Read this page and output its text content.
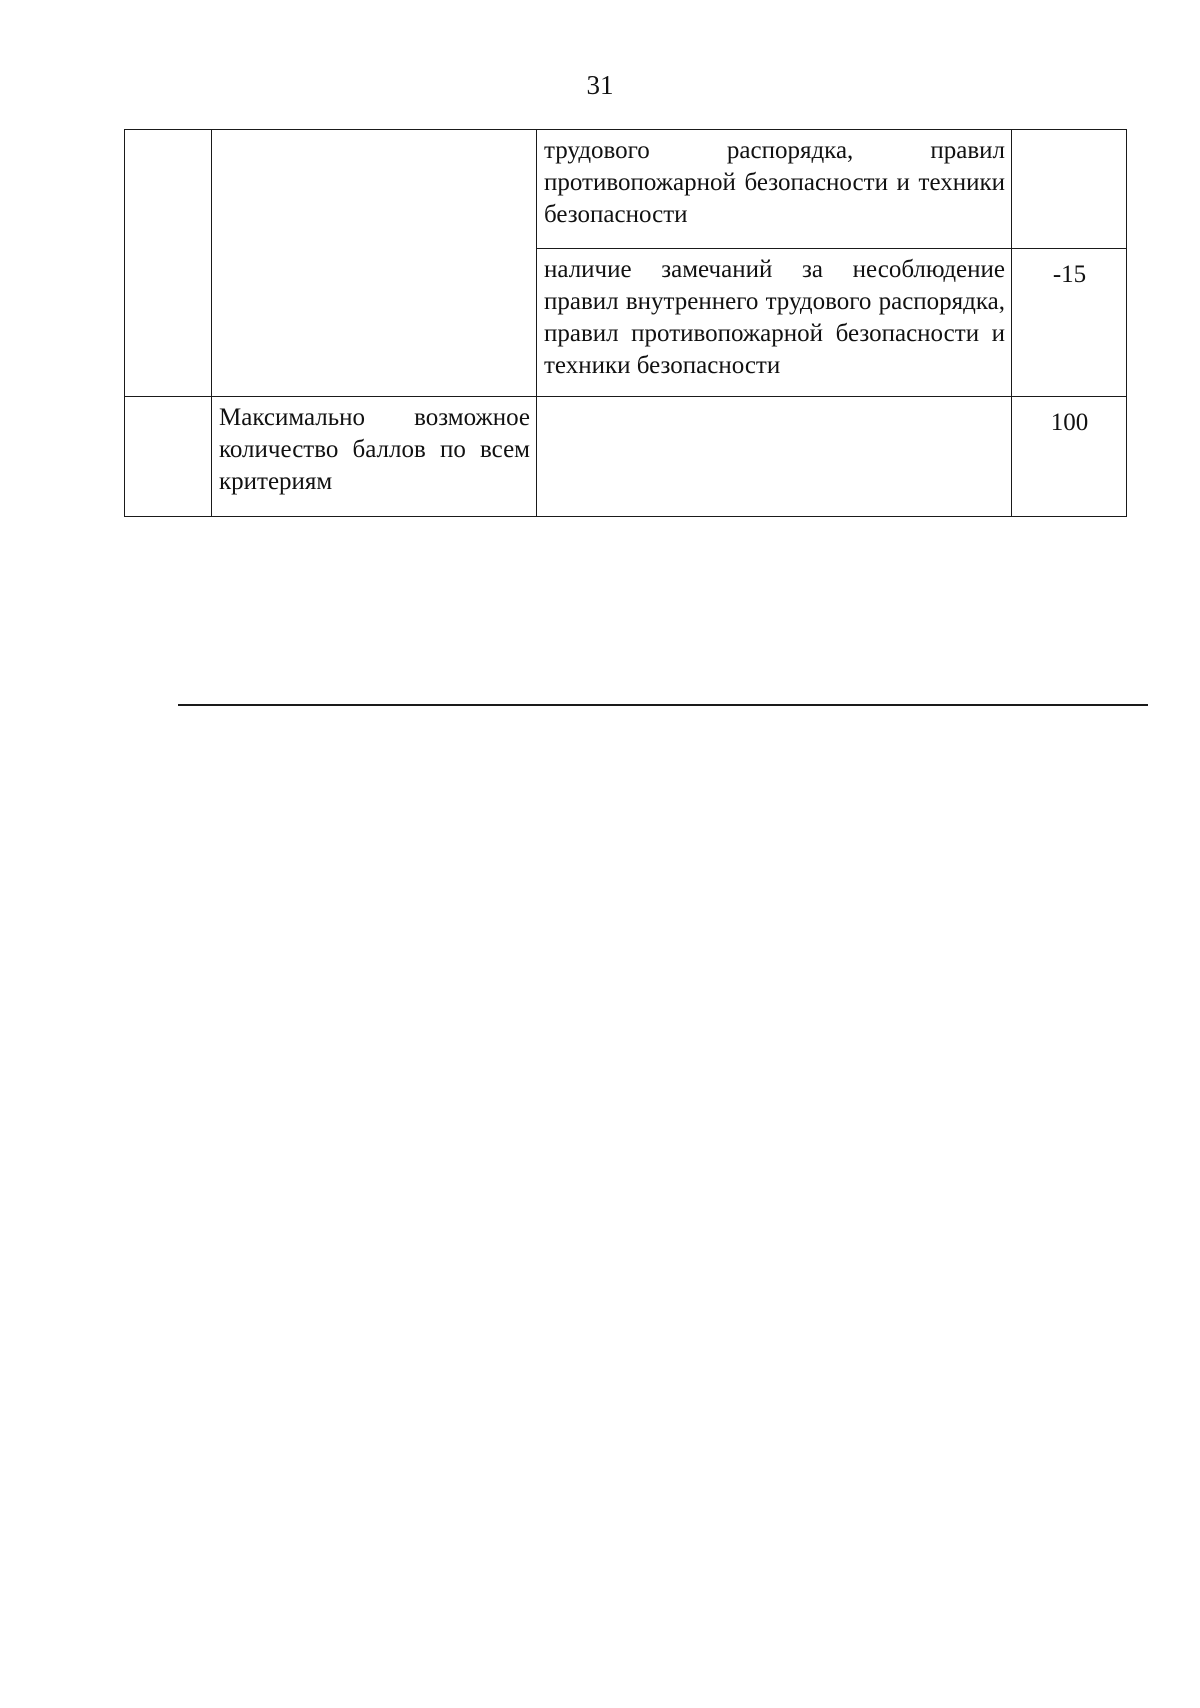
31
		трудового распорядка, правил противопожарной безопасности и техники безопасности	
		наличие замечаний за несоблюдение правил внутреннего трудового распорядка, правил противопожарной безопасности и техники безопасности	-15
	Максимально возможное количество баллов по всем критериям		100
